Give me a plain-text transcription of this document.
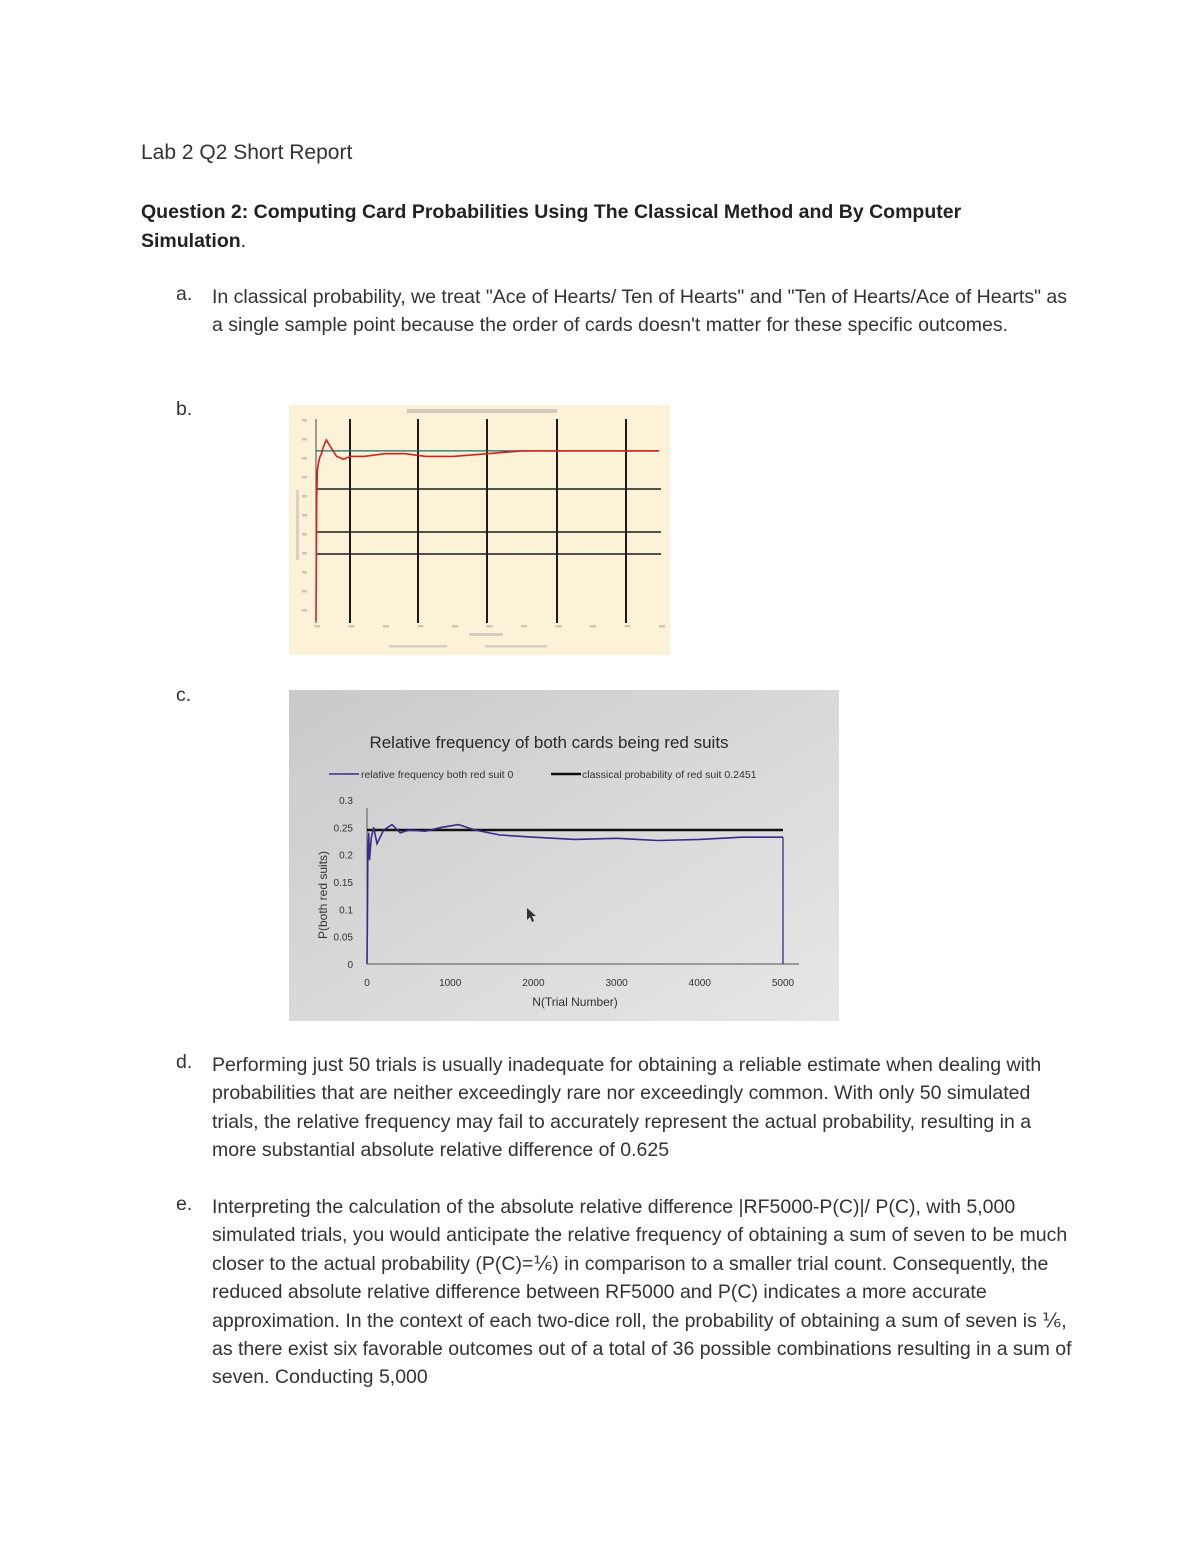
Lab 2 Q2 Short Report
Question 2: Computing Card Probabilities Using The Classical Method and By Computer Simulation.
a. In classical probability, we treat "Ace of Hearts/ Ten of Hearts" and "Ten of Hearts/Ace of Hearts" as a single sample point because the order of cards doesn't matter for these specific outcomes.
b.
c.
Relative frequency of both cards being red suits
relative frequency both red suit 0	classical probability of red suit 0.2451
P(both red suits)
N(Trial Number)
0
0.05
0.1
0.15
0.2
0.25
0.3
0	1000	2000	3000	4000	5000
d. Performing just 50 trials is usually inadequate for obtaining a reliable estimate when dealing with probabilities that are neither exceedingly rare nor exceedingly common. With only 50 simulated trials, the relative frequency may fail to accurately represent the actual probability, resulting in a more substantial absolute relative difference of 0.625
e. Interpreting the calculation of the absolute relative difference |RF5000-P(C)|/ P(C), with 5,000 simulated trials, you would anticipate the relative frequency of obtaining a sum of seven to be much closer to the actual probability (P(C)=⅙) in comparison to a smaller trial count. Consequently, the reduced absolute relative difference between RF5000 and P(C) indicates a more accurate approximation. In the context of each two-dice roll, the probability of obtaining a sum of seven is ⅙, as there exist six favorable outcomes out of a total of 36 possible combinations resulting in a sum of seven. Conducting 5,000
